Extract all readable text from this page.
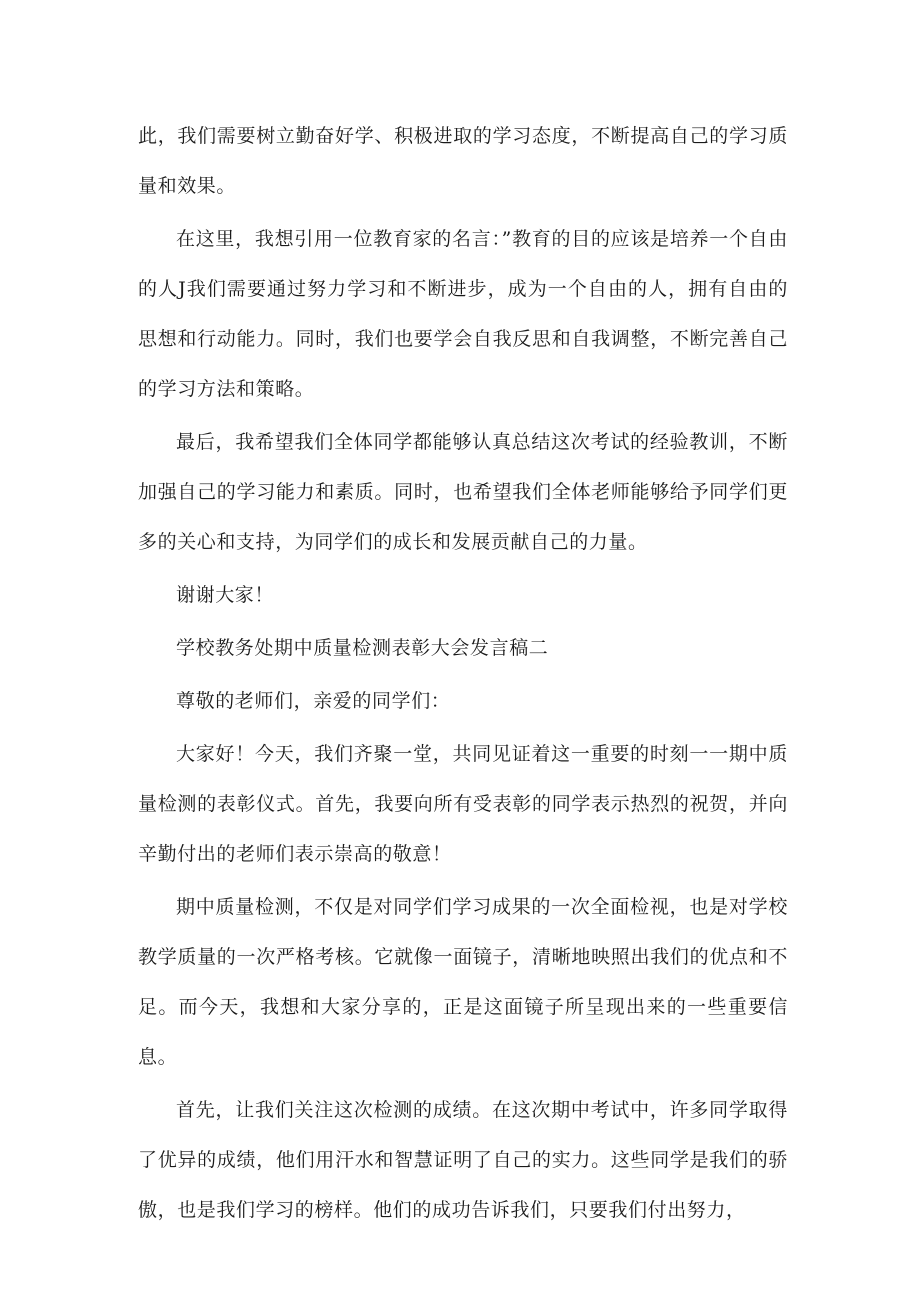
此，我们需要树立勤奋好学、积极进取的学习态度，不断提高自己的学习质量和效果。

在这里，我想引用一位教育家的名言：”教育的目的应该是培养一个自由的人J我们需要通过努力学习和不断进步，成为一个自由的人，拥有自由的思想和行动能力。同时，我们也要学会自我反思和自我调整，不断完善自己的学习方法和策略。

最后，我希望我们全体同学都能够认真总结这次考试的经验教训，不断加强自己的学习能力和素质。同时，也希望我们全体老师能够给予同学们更多的关心和支持，为同学们的成长和发展贡献自己的力量。

谢谢大家！

学校教务处期中质量检测表彰大会发言稿二

尊敬的老师们，亲爱的同学们：

大家好！今天，我们齐聚一堂，共同见证着这一重要的时刻一一期中质量检测的表彰仪式。首先，我要向所有受表彰的同学表示热烈的祝贺，并向辛勤付出的老师们表示崇高的敬意！

期中质量检测，不仅是对同学们学习成果的一次全面检视，也是对学校教学质量的一次严格考核。它就像一面镜子，清晰地映照出我们的优点和不足。而今天，我想和大家分享的，正是这面镜子所呈现出来的一些重要信息。

首先，让我们关注这次检测的成绩。在这次期中考试中，许多同学取得了优异的成绩，他们用汗水和智慧证明了自己的实力。这些同学是我们的骄傲，也是我们学习的榜样。他们的成功告诉我们，只要我们付出努力，
